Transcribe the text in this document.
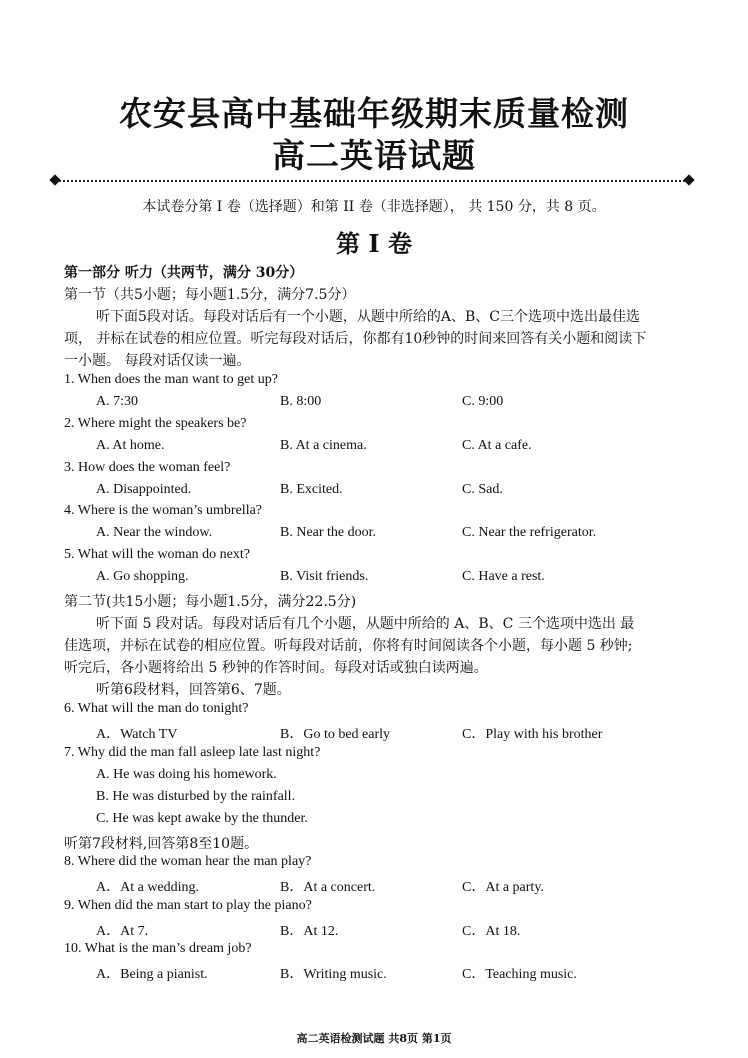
农安县高中基础年级期末质量检测
高二英语试题
本试卷分第 I 卷（选择题）和第 II 卷（非选择题）， 共 150 分，共 8 页。
第 I 卷
第一部分 听力（共两节，满分 30分）
第一节（共5小题；每小题1.5分，满分7.5分）
听下面5段对话。每段对话后有一个小题，从题中所给的A、B、C三个选项中选出最佳选
项， 并标在试卷的相应位置。听完每段对话后，你都有10秒钟的时间来回答有关小题和阅读下
一小题。 每段对话仅读一遍。
1. When does the man want to get up?
A. 7:30	B. 8:00	C. 9:00
2. Where might the speakers be?
A. At home.	B. At a cinema.	C. At a cafe.
3. How does the woman feel?
A. Disappointed.	B. Excited.	C. Sad.
4. Where is the woman’s umbrella?
A. Near the window.	B. Near the door.	C. Near the refrigerator.
5. What will the woman do next?
A. Go shopping.	B. Visit friends.	C. Have a rest.
第二节(共15小题；每小题1.5分，满分22.5分)
听下面 5 段对话。每段对话后有几个小题，从题中所给的 A、B、C 三个选项中选出 最
佳选项，并标在试卷的相应位置。听每段对话前，你将有时间阅读各个小题，每小题 5 秒钟;
听完后，各小题将给出 5 秒钟的作答时间。每段对话或独白读两遍。
听第6段材料，回答第6、7题。
6. What will the man do tonight?
A．Watch TV	B．Go to bed early	C．Play with his brother
7. Why did the man fall asleep late last night?
A. He was doing his homework.
B. He was disturbed by the rainfall.
C. He was kept awake by the thunder.
听第7段材料,回答第8至10题。
8. Where did the woman hear the man play?
A．At a wedding.	B．At a concert.	C．At a party.
9. When did the man start to play the piano?
A．At 7.	B．At 12.	C．At 18.
10. What is the man’s dream job?
A．Being a pianist.	B．Writing music.	C．Teaching music.
高二英语检测试题 共8页 第1页
